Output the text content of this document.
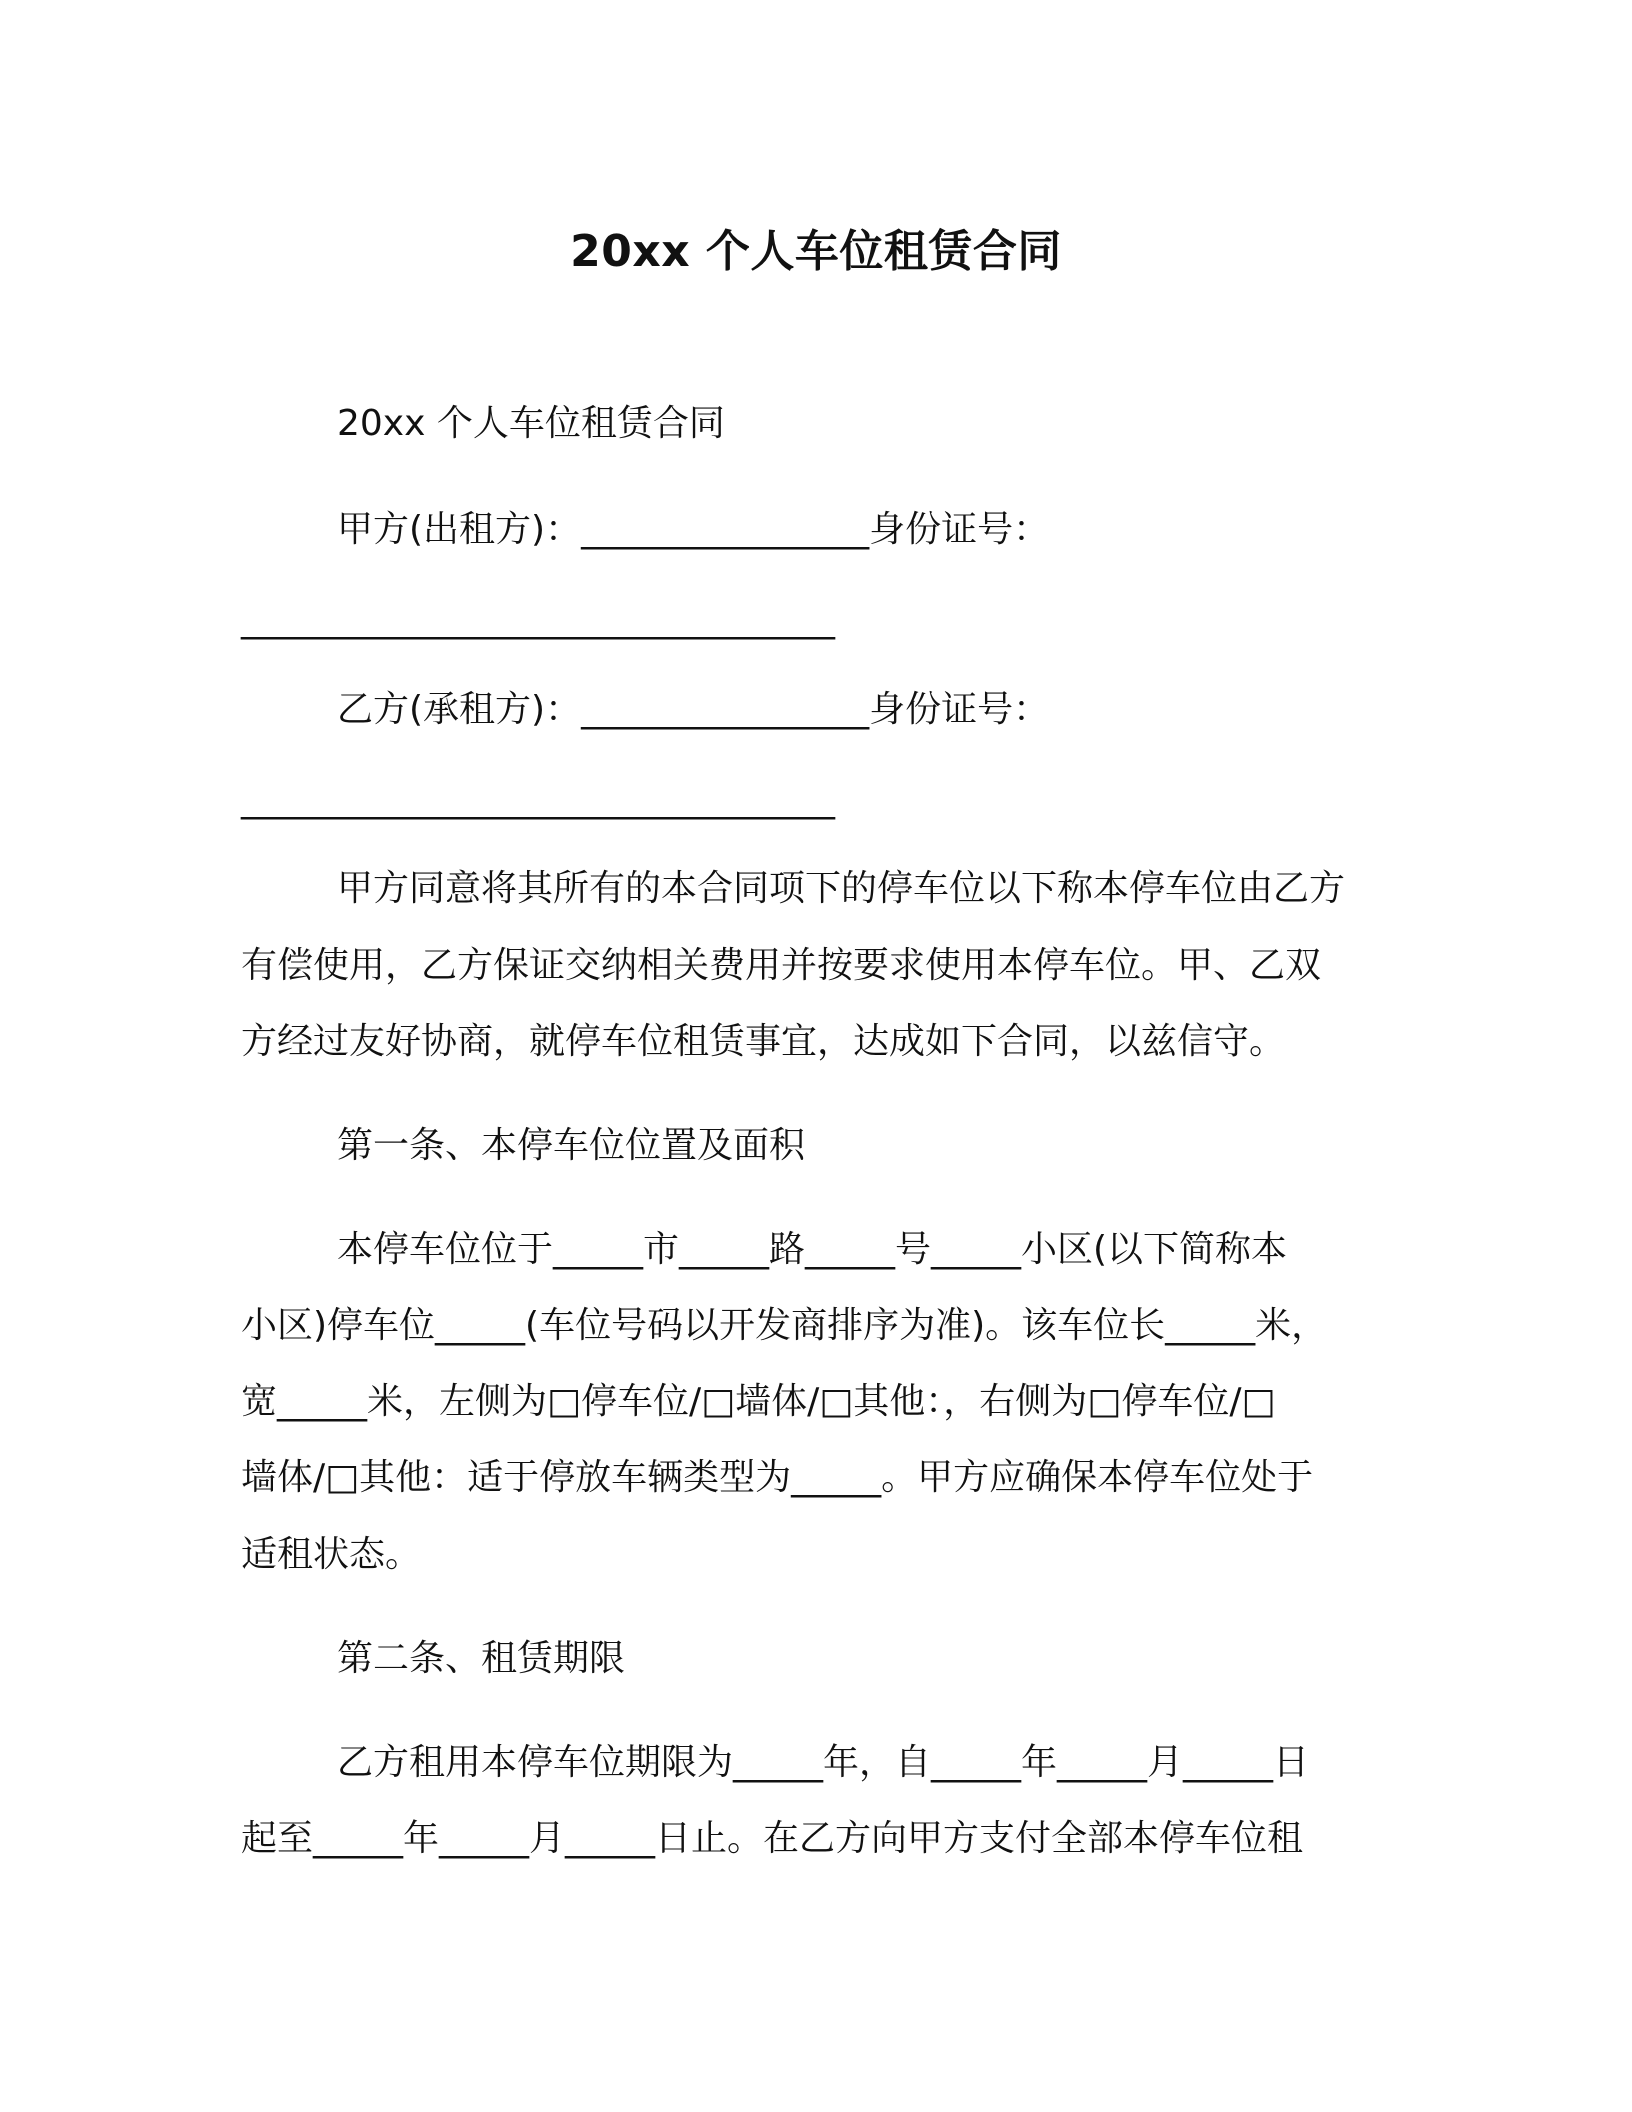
20xx 个人车位租赁合同
20xx 个人车位租赁合同
甲方(出租方)：________________身份证号：
_________________________________
乙方(承租方)：________________身份证号：
_________________________________
甲方同意将其所有的本合同项下的停车位以下称本停车位由乙方
有偿使用，乙方保证交纳相关费用并按要求使用本停车位。甲、乙双
方经过友好协商，就停车位租赁事宜，达成如下合同，以兹信守。
第一条、本停车位位置及面积
本停车位位于_____市_____路_____号_____小区(以下简称本
小区)停车位_____(车位号码以开发商排序为准)。该车位长_____米，
宽_____米，左侧为□停车位/□墙体/□其他：，右侧为□停车位/□
墙体/□其他：适于停放车辆类型为_____。甲方应确保本停车位处于
适租状态。
第二条、租赁期限
乙方租用本停车位期限为_____年，自_____年_____月_____日
起至_____年_____月_____日止。在乙方向甲方支付全部本停车位租
